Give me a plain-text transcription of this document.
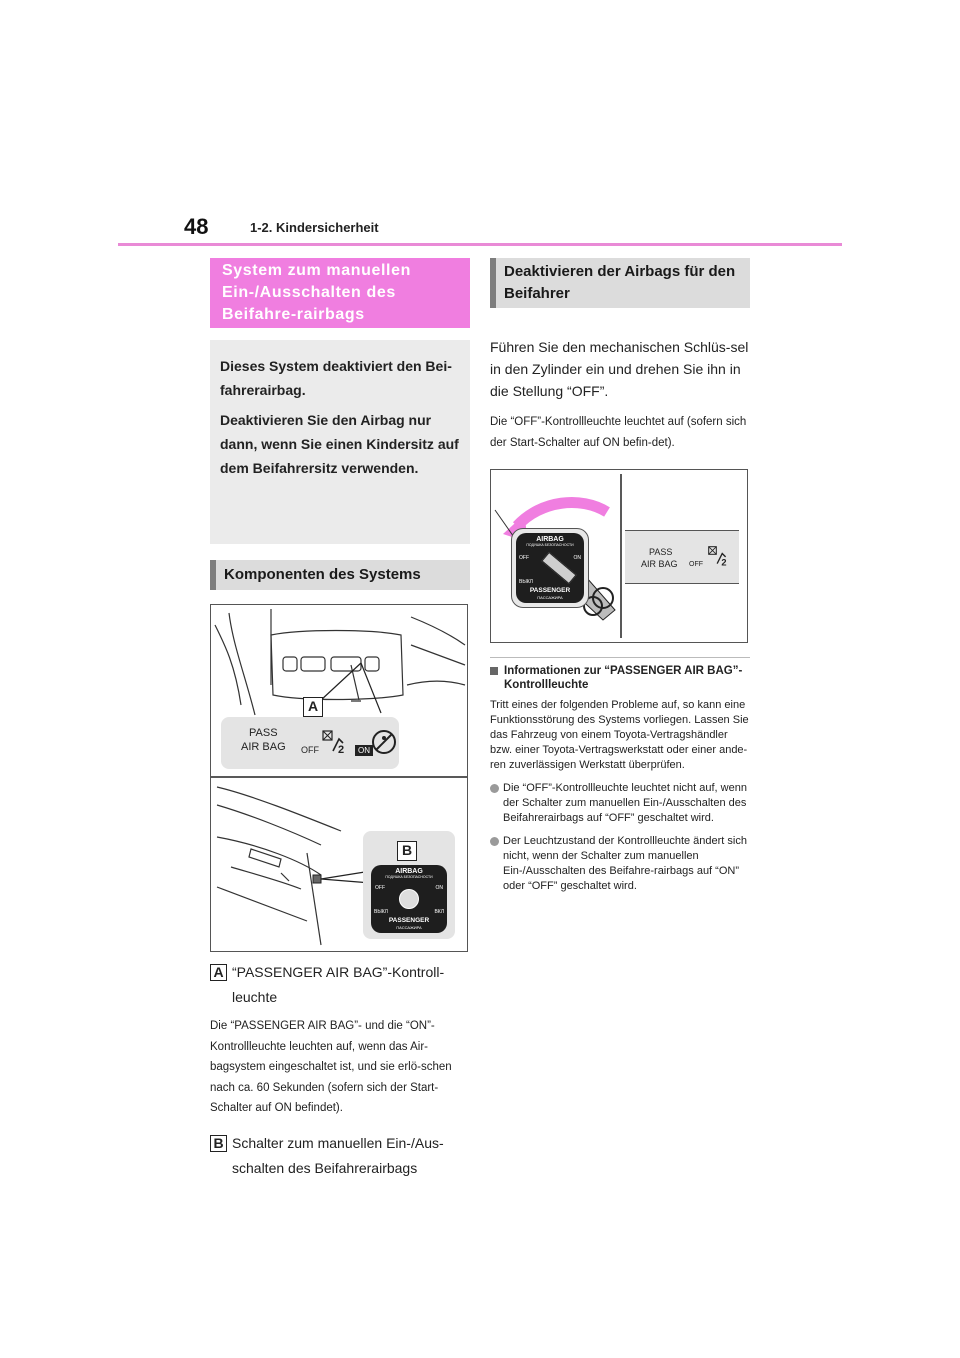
48	1-2. Kindersicherheit
System zum manuellen Ein-/Ausschalten des Beifahre-rairbags

Dieses System deaktiviert den Bei-fahrerairbag.

Deaktivieren Sie den Airbag nur dann, wenn Sie einen Kindersitz auf dem Beifahrersitz verwenden.

Komponenten des Systems
A
PASS
AIR BAG OFF 2	ON
B
AIRBAG
ПОДУШКА БЕЗОПАСНОСТИ
OFF	ON
ВЫКЛ	ВКЛ
PASSENGER
ПАССАЖИРА
A “PASSENGER AIR BAG”-Kontroll-leuchte
Die “PASSENGER AIR BAG”- und die “ON”-Kontrollleuchte leuchten auf, wenn das Air-bagsystem eingeschaltet ist, und sie erlö-schen nach ca. 60 Sekunden (sofern sich der Start-Schalter auf ON befindet).
B Schalter zum manuellen Ein-/Aus-schalten des Beifahrerairbags
Deaktivieren der Airbags für den Beifahrer
Führen Sie den mechanischen Schlüs-sel in den Zylinder ein und drehen Sie ihn in die Stellung “OFF”.
Die “OFF”-Kontrollleuchte leuchtet auf (sofern sich der Start-Schalter auf ON befin-det).
AIRBAG
ПОДУШКА БЕЗОПАСНОСТИ
OFF	ON
ВЫКЛ
PASSENGER
ПАССАЖИРА
PASS
AIR BAG OFF 2
Informationen zur “PASSENGER AIR BAG”-Kontrollleuchte
Tritt eines der folgenden Probleme auf, so kann eine Funktionsstörung des Systems vorliegen. Lassen Sie das Fahrzeug von einem Toyota-Vertragshändler bzw. einer Toyota-Vertragswerkstatt oder einer ande-ren zuverlässigen Werkstatt überprüfen.
Die “OFF”-Kontrollleuchte leuchtet nicht auf, wenn der Schalter zum manuellen Ein-/Ausschalten des Beifahrerairbags auf “OFF” geschaltet wird.
Der Leuchtzustand der Kontrollleuchte ändert sich nicht, wenn der Schalter zum manuellen Ein-/Ausschalten des Beifahre-rairbags auf “ON” oder “OFF” geschaltet wird.
